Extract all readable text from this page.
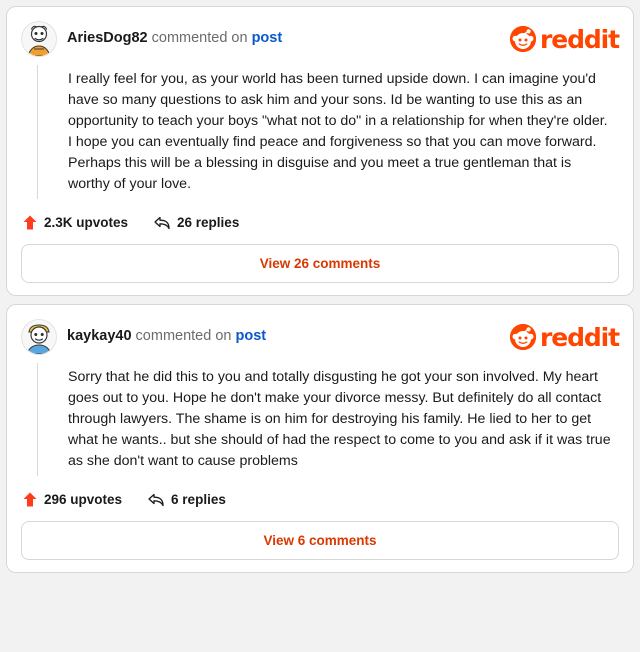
AriesDog82 commented on post	reddit
I really feel for you, as your world has been turned upside down. I can imagine you'd have so many questions to ask him and your sons. Id be wanting to use this as an opportunity to teach your boys "what not to do" in a relationship for when they're older. I hope you can eventually find peace and forgiveness so that you can move forward. Perhaps this will be a blessing in disguise and you meet a true gentleman that is worthy of your love.
2.3K upvotes	26 replies
View 26 comments
kaykay40 commented on post	reddit
Sorry that he did this to you and totally disgusting he got your son involved. My heart goes out to you. Hope he don't make your divorce messy. But definitely do all contact through lawyers. The shame is on him for destroying his family. He lied to her to get what he wants.. but she should of had the respect to come to you and ask if it was true as she don't want to cause problems
296 upvotes	6 replies
View 6 comments
